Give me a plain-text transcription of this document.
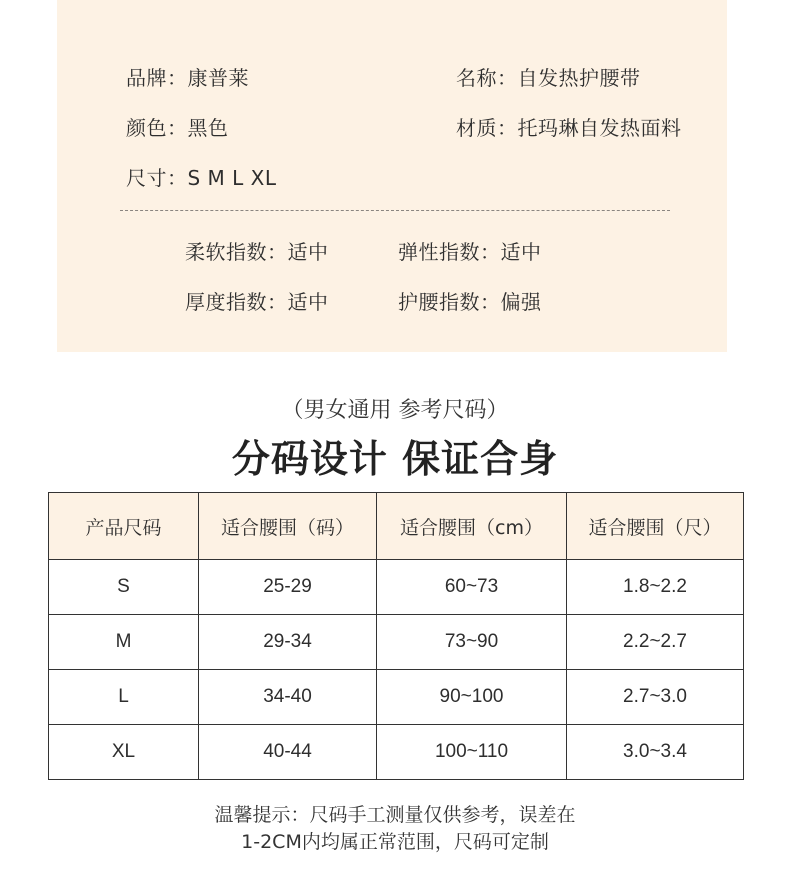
品牌：康普莱	名称：自发热护腰带
颜色：黑色	材质：托玛琳自发热面料
尺寸：S M L XL
柔软指数：适中	弹性指数：适中
厚度指数：适中	护腰指数：偏强
（男女通用 参考尺码）
分码设计 保证合身
产品尺码	适合腰围（码）	适合腰围（cm）	适合腰围（尺）
S	25-29	60~73	1.8~2.2
M	29-34	73~90	2.2~2.7
L	34-40	90~100	2.7~3.0
XL	40-44	100~110	3.0~3.4
温馨提示：尺码手工测量仅供参考，误差在
1-2CM内均属正常范围，尺码可定制
